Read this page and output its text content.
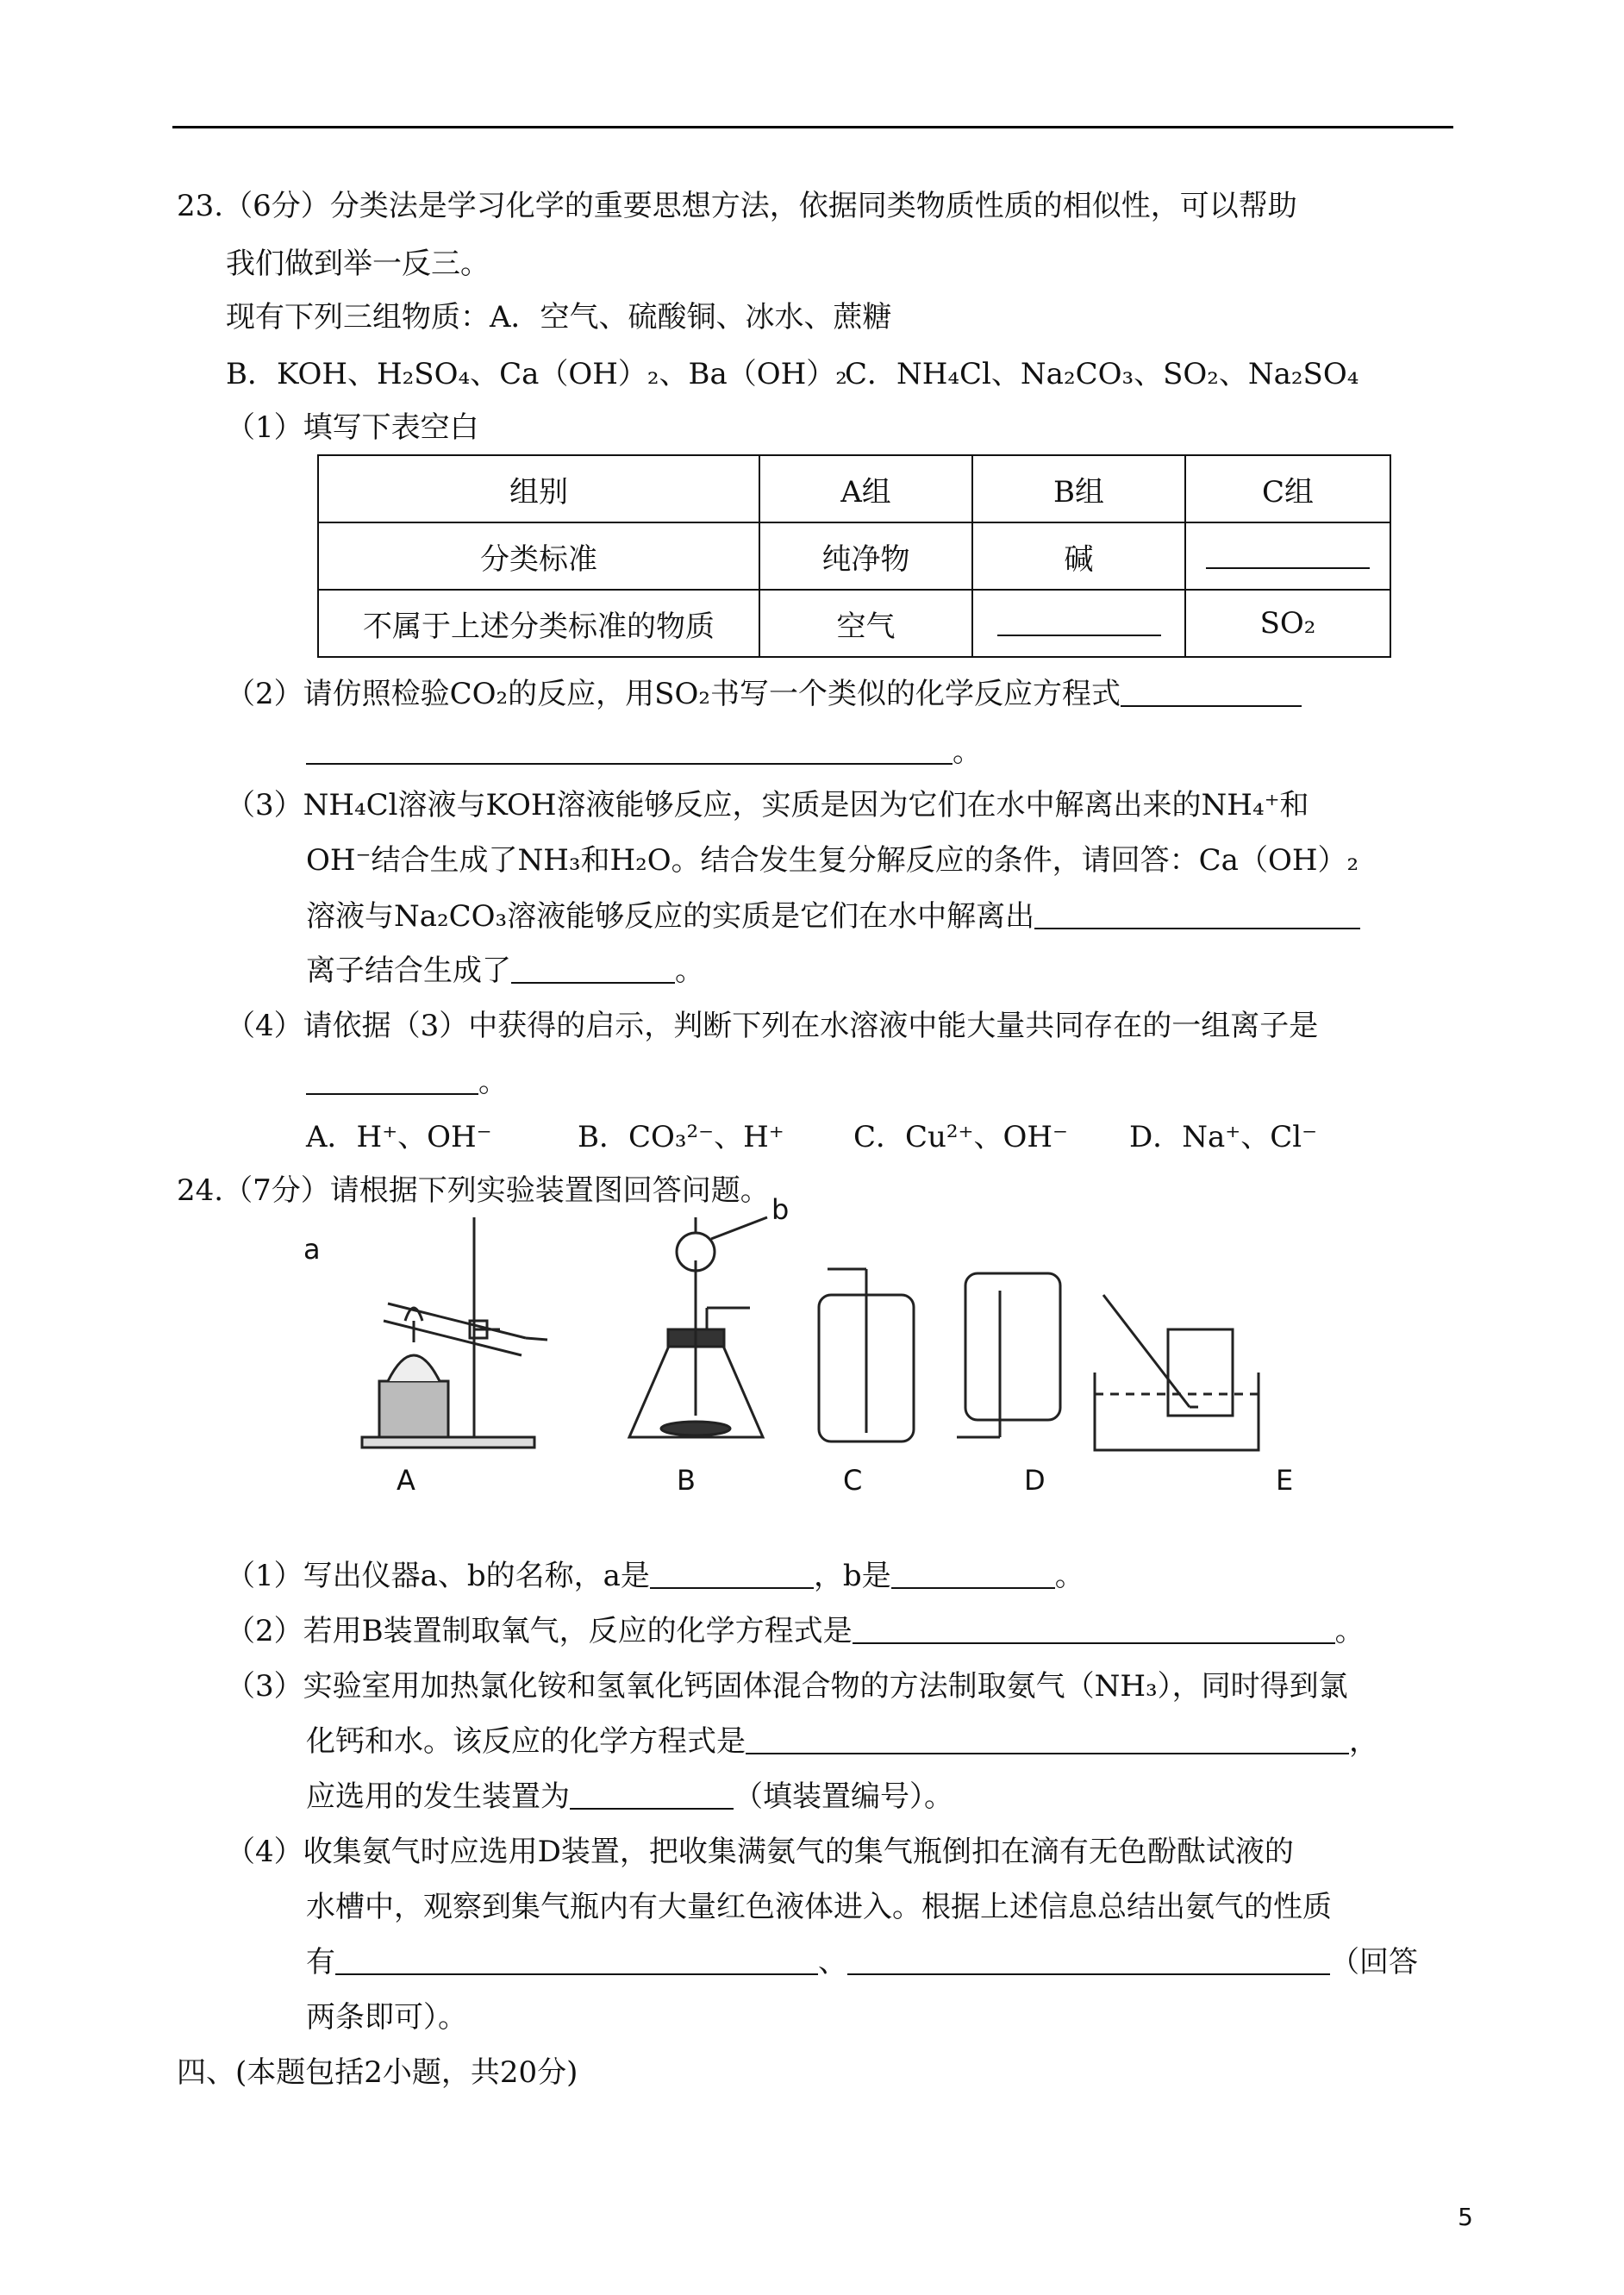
23.（6分）分类法是学习化学的重要思想方法，依据同类物质性质的相似性，可以帮助
我们做到举一反三。
现有下列三组物质：A．空气、硫酸铜、冰水、蔗糖
B．KOH、H₂SO₄、Ca（OH）₂、Ba（OH）₂
C．NH₄Cl、Na₂CO₃、SO₂、Na₂SO₄
（1）填写下表空白
组别	A组	B组	C组
分类标准	纯净物	碱	
不属于上述分类标准的物质	空气		SO₂
（2）请仿照检验CO₂的反应，用SO₂书写一个类似的化学反应方程式
。
（3）NH₄Cl溶液与KOH溶液能够反应，实质是因为它们在水中解离出来的NH₄⁺和
OH⁻结合生成了NH₃和H₂O。结合发生复分解反应的条件，请回答：Ca（OH）₂
溶液与Na₂CO₃溶液能够反应的实质是它们在水中解离出
离子结合生成了	。
（4）请依据（3）中获得的启示，判断下列在水溶液中能大量共同存在的一组离子是
。
A．H⁺、OH⁻	B．CO₃²⁻、H⁺ C．Cu²⁺、OH⁻ D．Na⁺、Cl⁻
24.（7分）请根据下列实验装置图回答问题。
a
b
A	B	C	D	E
（1）写出仪器a、b的名称，a是	，b是	。
（2）若用B装置制取氧气，反应的化学方程式是	。
（3）实验室用加热氯化铵和氢氧化钙固体混合物的方法制取氨气（NH₃），同时得到氯
化钙和水。该反应的化学方程式是	，
应选用的发生装置为	（填装置编号）。
（4）收集氨气时应选用D装置，把收集满氨气的集气瓶倒扣在滴有无色酚酞试液的
水槽中，观察到集气瓶内有大量红色液体进入。根据上述信息总结出氨气的性质
有	、	（回答
两条即可）。
四、(本题包括2小题，共20分)
5
